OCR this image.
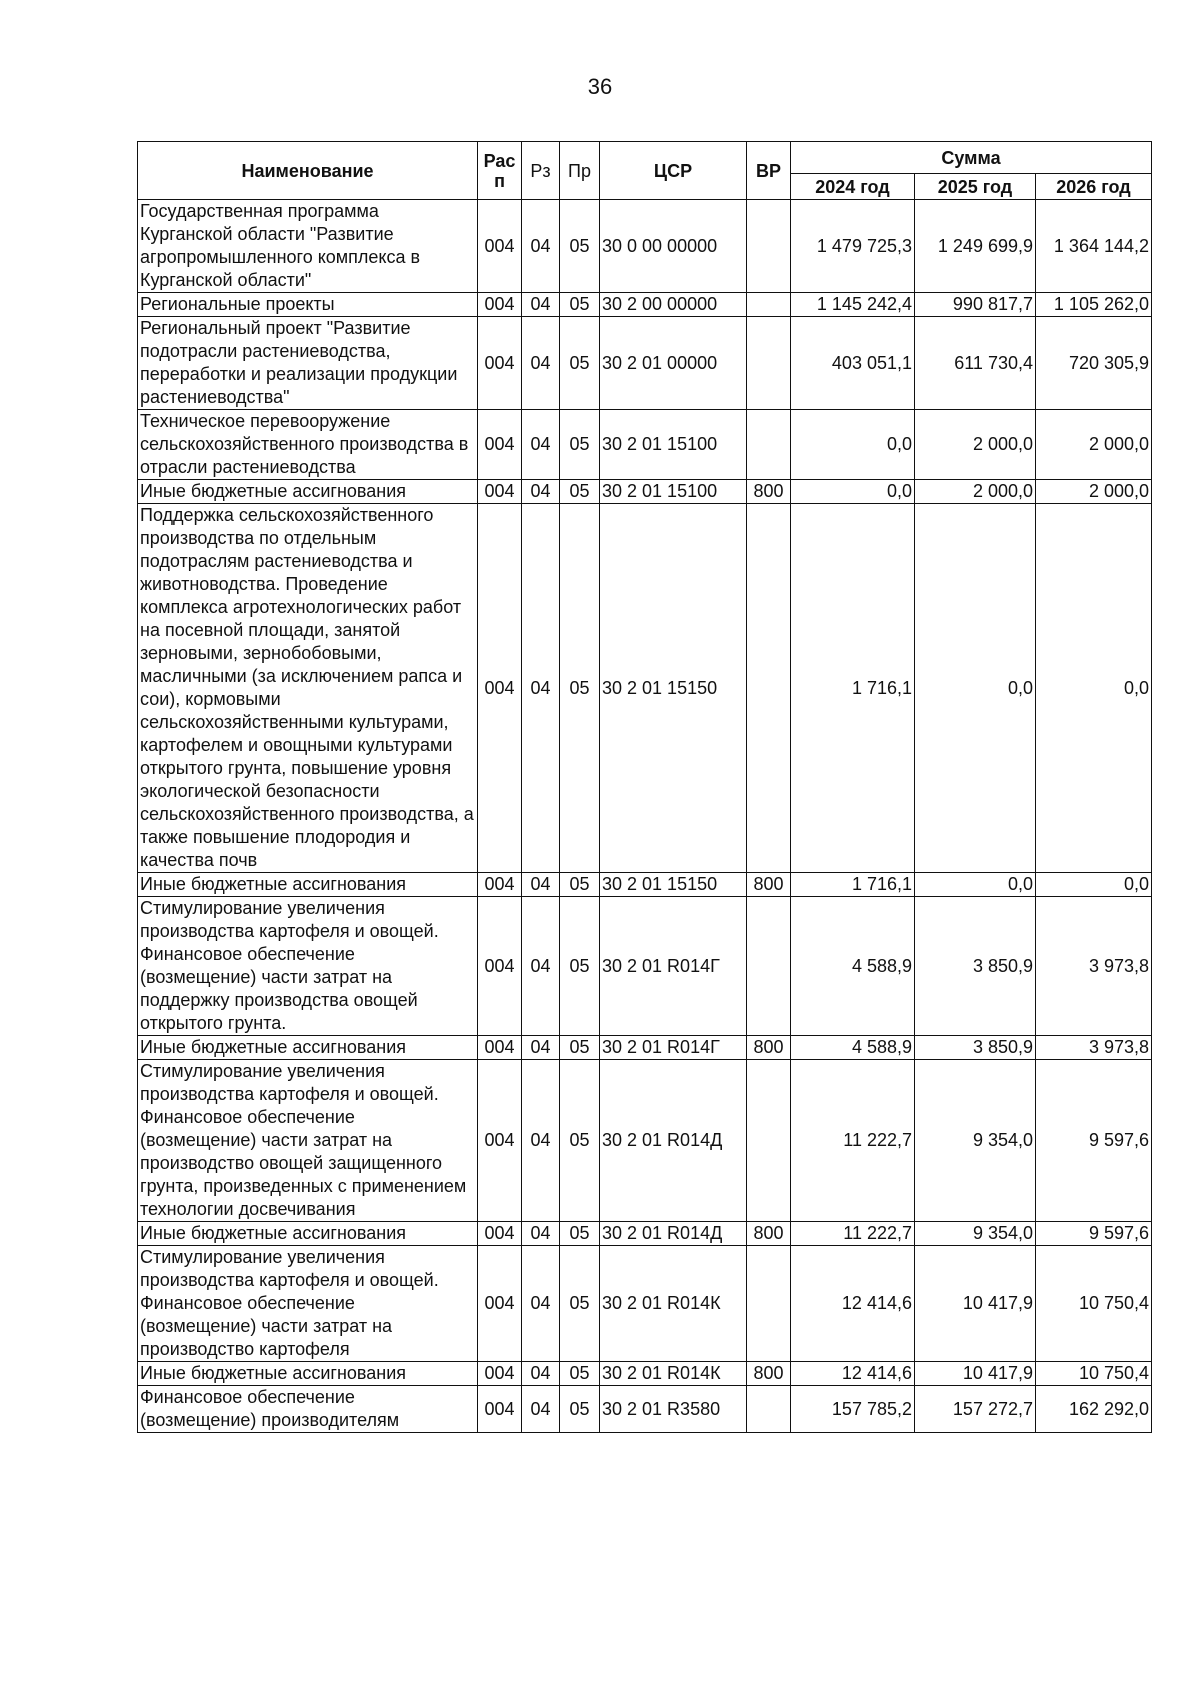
36
Наименование	Рас
п	Рз	Пр	ЦСР	ВР	Сумма		
						2024 год	2025 год	2026 год
Государственная программа Курганской области "Развитие агропромышленного комплекса в Курганской области"	004	04	05	30 0 00 00000		1 479 725,3	1 249 699,9	1 364 144,2
Региональные проекты	004	04	05	30 2 00 00000		1 145 242,4	990 817,7	1 105 262,0
Региональный проект "Развитие подотрасли растениеводства, переработки и реализации продукции растениеводства"	004	04	05	30 2 01 00000		403 051,1	611 730,4	720 305,9
Техническое перевооружение сельскохозяйственного производства в отрасли растениеводства	004	04	05	30 2 01 15100		0,0	2 000,0	2 000,0
Иные бюджетные ассигнования	004	04	05	30 2 01 15100	800	0,0	2 000,0	2 000,0
Поддержка сельскохозяйственного производства по отдельным подотраслям растениеводства и животноводства. Проведение комплекса агротехнологических работ на посевной площади, занятой зерновыми, зернобобовыми, масличными (за исключением рапса и сои), кормовыми сельскохозяйственными культурами, картофелем и овощными культурами открытого грунта, повышение уровня экологической безопасности сельскохозяйственного производства, а также повышение плодородия и качества почв	004	04	05	30 2 01 15150		1 716,1	0,0	0,0
Иные бюджетные ассигнования	004	04	05	30 2 01 15150	800	1 716,1	0,0	0,0
Стимулирование увеличения производства картофеля и овощей. Финансовое обеспечение (возмещение) части затрат на поддержку производства овощей открытого грунта.	004	04	05	30 2 01 R014Г		4 588,9	3 850,9	3 973,8
Иные бюджетные ассигнования	004	04	05	30 2 01 R014Г	800	4 588,9	3 850,9	3 973,8
Стимулирование увеличения производства картофеля и овощей. Финансовое обеспечение (возмещение) части затрат на производство овощей защищенного грунта, произведенных с применением технологии досвечивания	004	04	05	30 2 01 R014Д		11 222,7	9 354,0	9 597,6
Иные бюджетные ассигнования	004	04	05	30 2 01 R014Д	800	11 222,7	9 354,0	9 597,6
Стимулирование увеличения производства картофеля и овощей. Финансовое обеспечение (возмещение) части затрат на производство картофеля	004	04	05	30 2 01 R014К		12 414,6	10 417,9	10 750,4
Иные бюджетные ассигнования	004	04	05	30 2 01 R014К	800	12 414,6	10 417,9	10 750,4
Финансовое обеспечение (возмещение) производителям	004	04	05	30 2 01 R3580		157 785,2	157 272,7	162 292,0
